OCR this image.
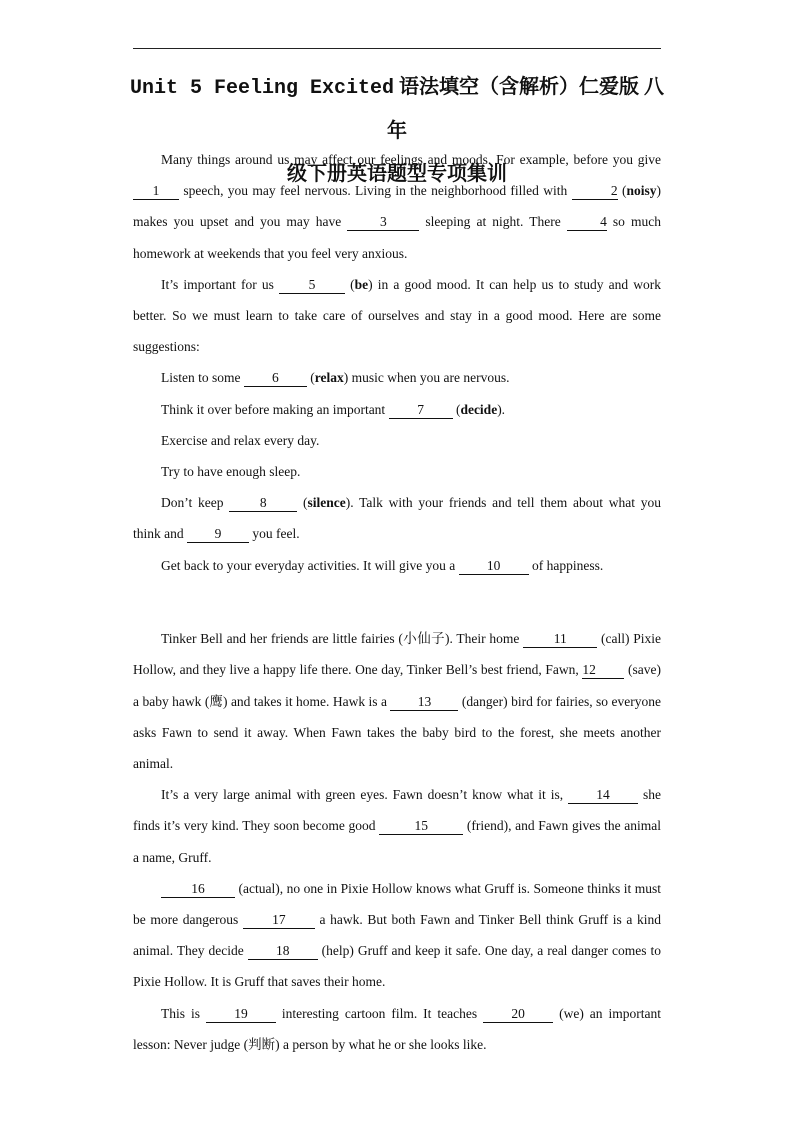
Unit 5 Feeling Excited 语法填空（含解析）仁爱版 八年
级下册英语题型专项集训

Many things around us may affect our feelings and moods. For example, before you give 1 speech, you may feel nervous. Living in the neighborhood filled with	2 (noisy) makes you upset and you may have 3 sleeping at night. There 4 so much homework at weekends that you feel very anxious.

It’s important for us 5 (be) in a good mood. It can help us to study and work better. So we must learn to take care of ourselves and stay in a good mood. Here are some suggestions:

Listen to some 6 (relax) music when you are nervous.

Think it over before making an important 7 (decide).

Exercise and relax every day.

Try to have enough sleep.

Don’t keep 8 (silence). Talk with your friends and tell them about what you think and 9 you feel.

Get back to your everyday activities. It will give you a 10 of happiness.

Tinker Bell and her friends are little fairies (小仙子). Their home 11 (call) Pixie Hollow, and they live a happy life there. One day, Tinker Bell’s best friend, Fawn, 12 (save) a baby hawk (鹰) and takes it home. Hawk is a 13 (danger) bird for fairies, so everyone asks Fawn to send it away. When Fawn takes the baby bird to the forest, she meets another animal.

It’s a very large animal with green eyes. Fawn doesn’t know what it is, 14 she finds it’s very kind. They soon become good	15	(friend), and Fawn gives the animal a name, Gruff.

16 (actual), no one in Pixie Hollow knows what Gruff is. Someone thinks it must be more dangerous 17 a hawk. But both Fawn and Tinker Bell think Gruff is a kind animal. They decide 18 (help) Gruff and keep it safe. One day, a real danger comes to Pixie Hollow. It is Gruff that saves their home.

This is 19 interesting cartoon film. It teaches 20 (we) an important lesson: Never judge (判断) a person by what he or she looks like.
